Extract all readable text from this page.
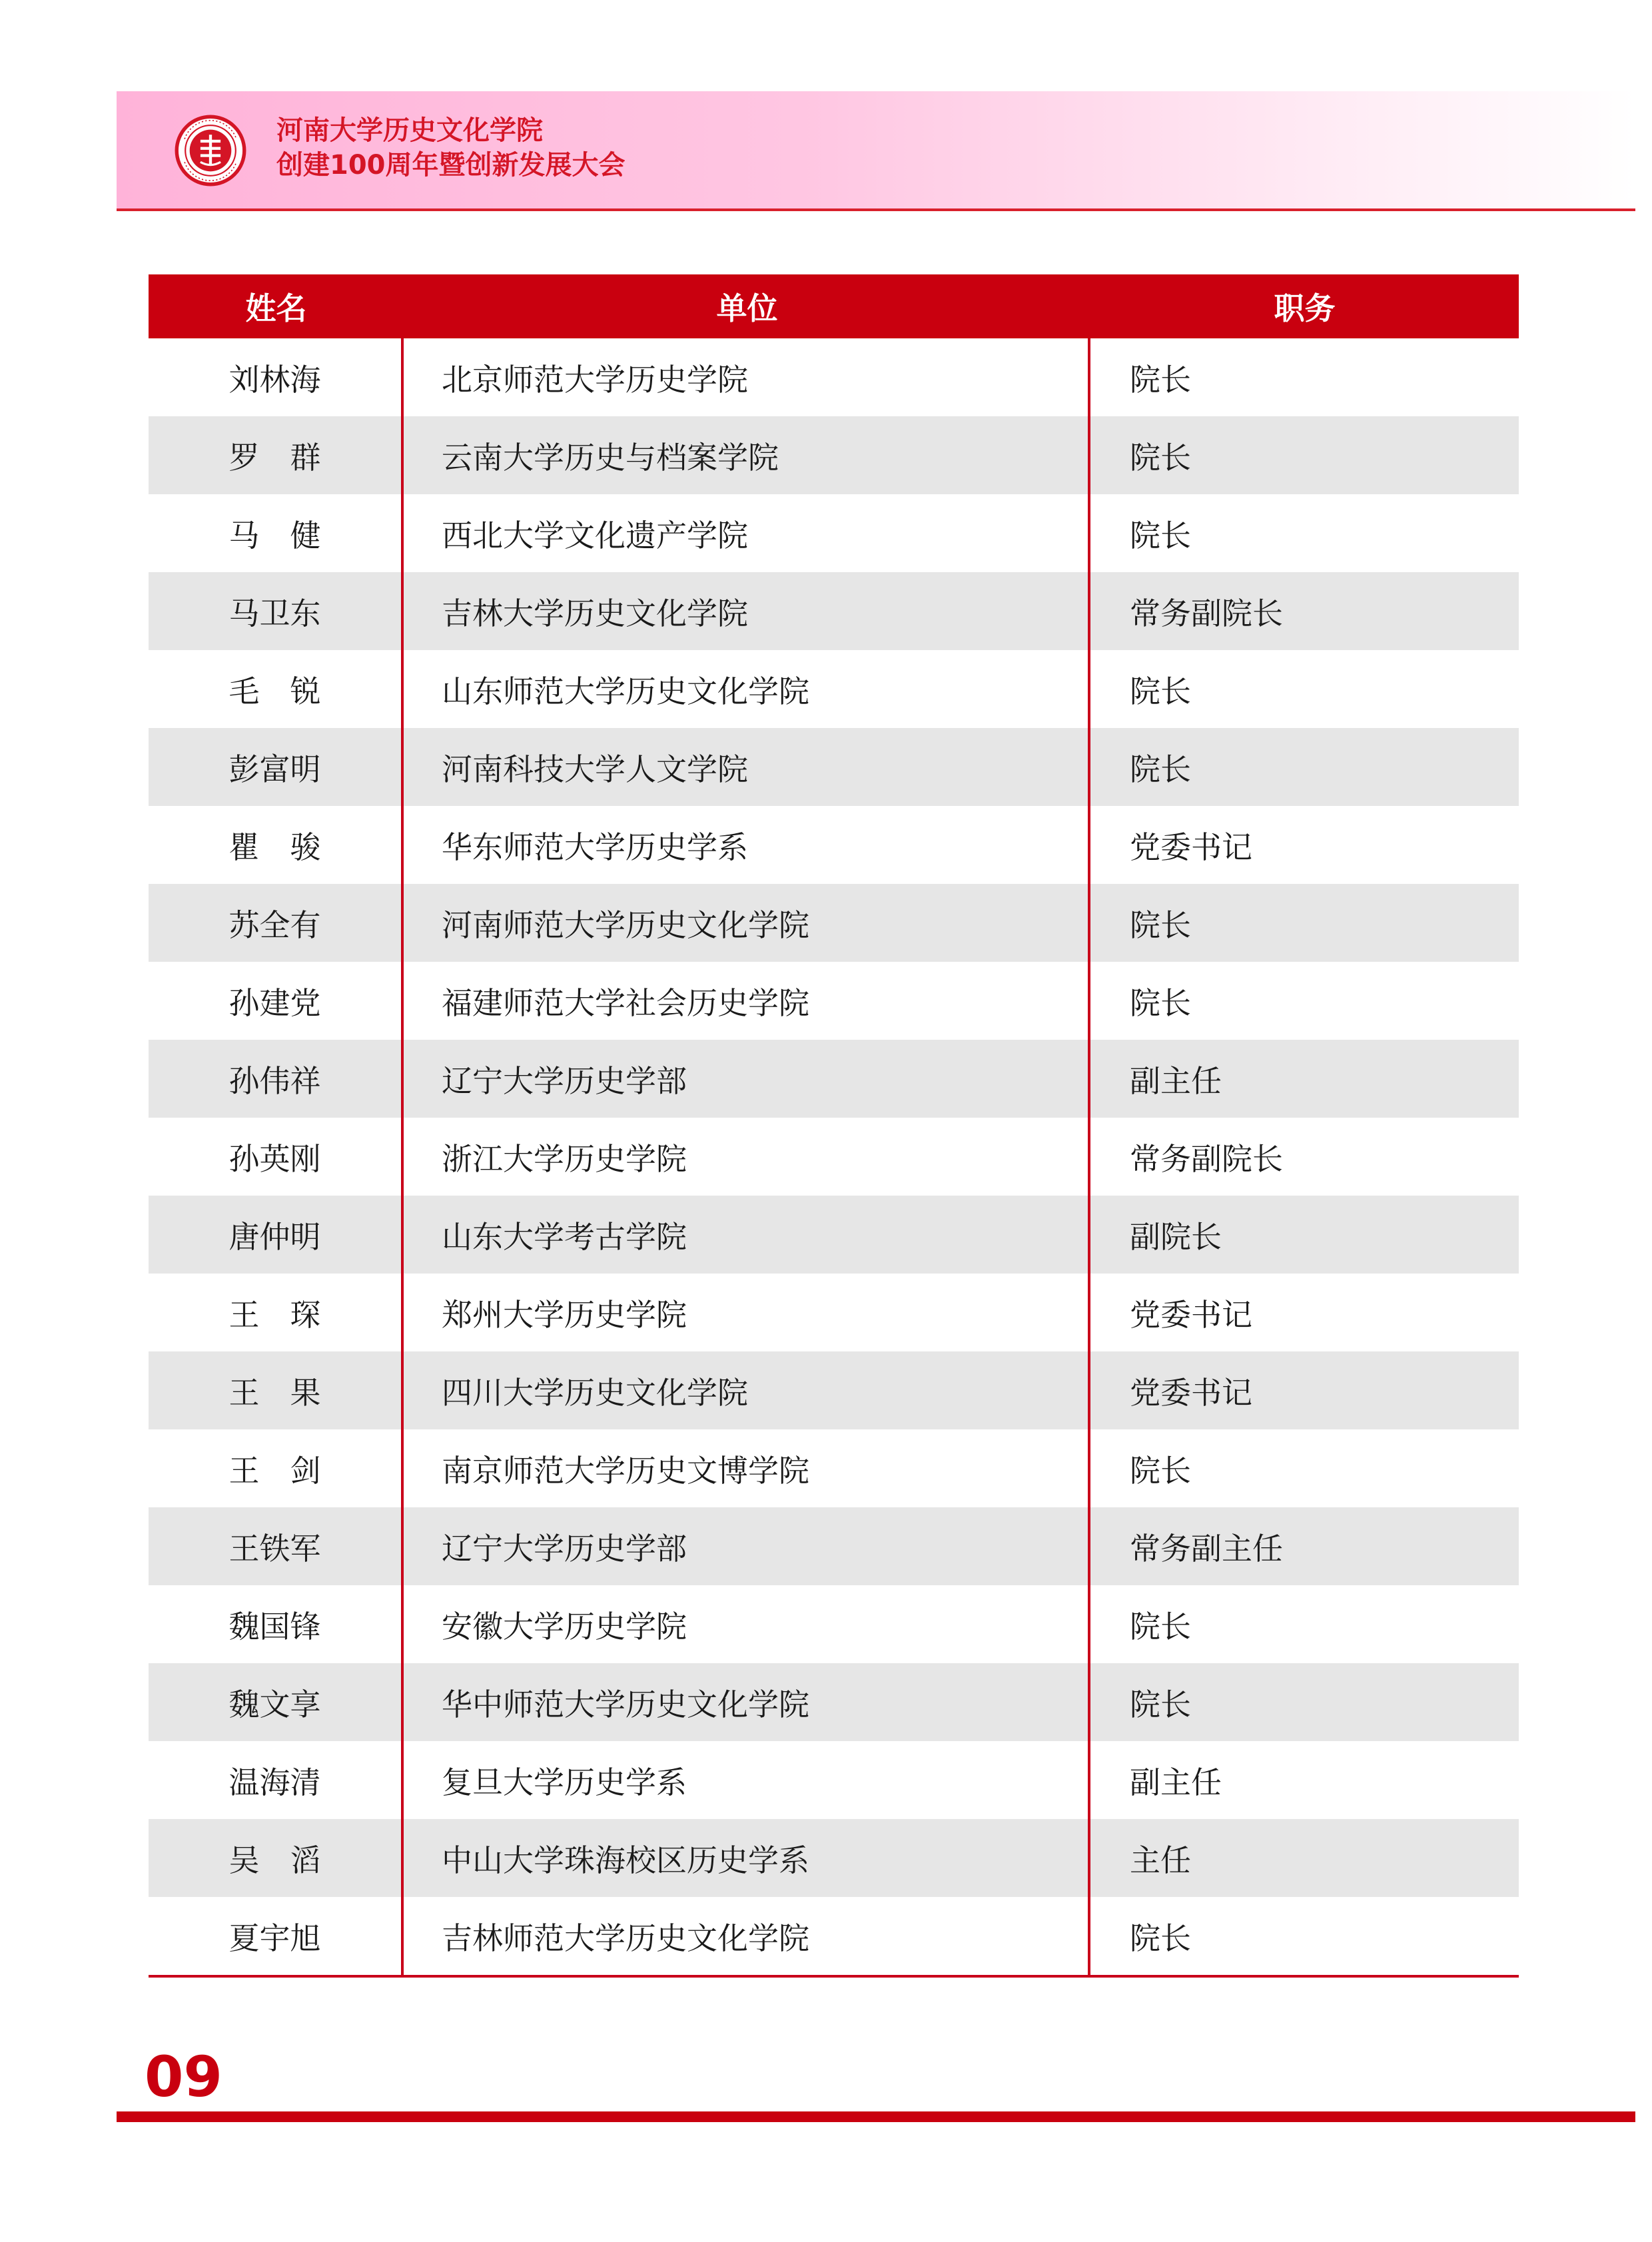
河南大学历史文化学院
创建100周年暨创新发展大会
姓名	单位	职务
刘林海	北京师范大学历史学院	院长
罗　群	云南大学历史与档案学院	院长
马　健	西北大学文化遗产学院	院长
马卫东	吉林大学历史文化学院	常务副院长
毛　锐	山东师范大学历史文化学院	院长
彭富明	河南科技大学人文学院	院长
瞿　骏	华东师范大学历史学系	党委书记
苏全有	河南师范大学历史文化学院	院长
孙建党	福建师范大学社会历史学院	院长
孙伟祥	辽宁大学历史学部	副主任
孙英刚	浙江大学历史学院	常务副院长
唐仲明	山东大学考古学院	副院长
王　琛	郑州大学历史学院	党委书记
王　果	四川大学历史文化学院	党委书记
王　剑	南京师范大学历史文博学院	院长
王铁军	辽宁大学历史学部	常务副主任
魏国锋	安徽大学历史学院	院长
魏文享	华中师范大学历史文化学院	院长
温海清	复旦大学历史学系	副主任
吴　滔	中山大学珠海校区历史学系	主任
夏宇旭	吉林师范大学历史文化学院	院长
09
